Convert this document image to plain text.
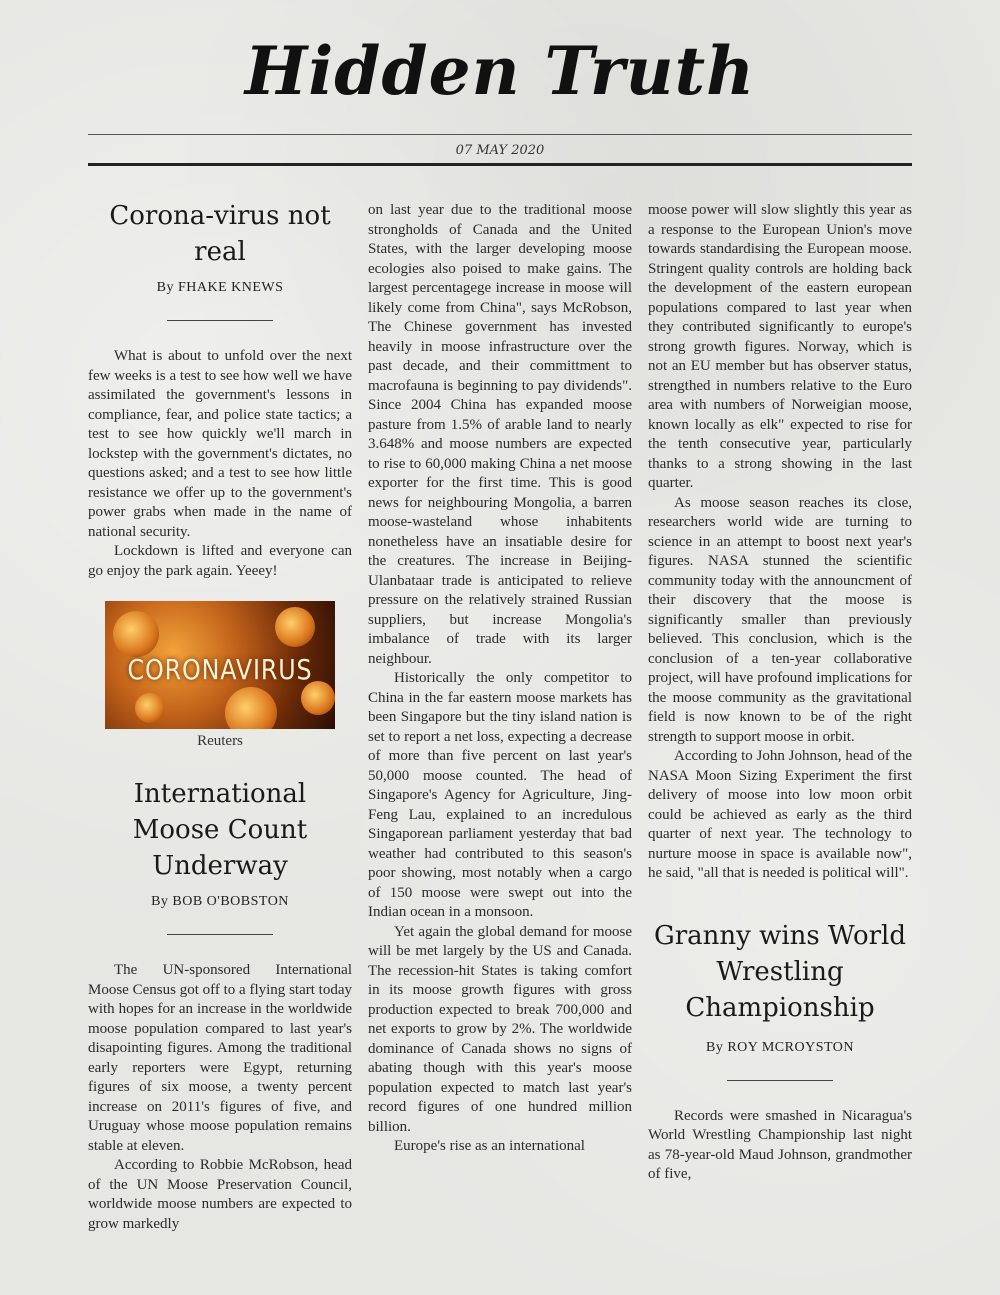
Hidden Truth
07 MAY 2020
Corona-virus not real
By FHAKE KNEWS

What is about to unfold over the next few weeks is a test to see how well we have assimilated the government's lessons in compliance, fear, and police state tactics; a test to see how quickly we'll march in lockstep with the government's dictates, no questions asked; and a test to see how little resistance we offer up to the government's power grabs when made in the name of national security.

Lockdown is lifted and everyone can go enjoy the park again. Yeeey!

CORONAVIRUS
Reuters
International Moose Count Underway
By BOB O'BOBSTON

The UN-sponsored International Moose Census got off to a flying start today with hopes for an increase in the worldwide moose population compared to last year's disapointing figures. Among the traditional early reporters were Egypt, returning figures of six moose, a twenty percent increase on 2011's figures of five, and Uruguay whose moose population remains stable at eleven.

According to Robbie McRobson, head of the UN Moose Preservation Council, worldwide moose numbers are expected to grow markedly

on last year due to the traditional moose strongholds of Canada and the United States, with the larger developing moose ecologies also poised to make gains. The largest percentagege increase in moose will likely come from China", says McRobson, The Chinese government has invested heavily in moose infrastructure over the past decade, and their committment to macrofauna is beginning to pay dividends". Since 2004 China has expanded moose pasture from 1.5% of arable land to nearly 3.648% and moose numbers are expected to rise to 60,000 making China a net moose exporter for the first time. This is good news for neighbouring Mongolia, a barren moose-wasteland whose inhabitents nonetheless have an insatiable desire for the creatures. The increase in Beijing-Ulanbataar trade is anticipated to relieve pressure on the relatively strained Russian suppliers, but increase Mongolia's imbalance of trade with its larger neighbour.

Historically the only competitor to China in the far eastern moose markets has been Singapore but the tiny island nation is set to report a net loss, expecting a decrease of more than five percent on last year's 50,000 moose counted. The head of Singapore's Agency for Agriculture, Jing-Feng Lau, explained to an incredulous Singaporean parliament yesterday that bad weather had contributed to this season's poor showing, most notably when a cargo of 150 moose were swept out into the Indian ocean in a monsoon.

Yet again the global demand for moose will be met largely by the US and Canada. The recession-hit States is taking comfort in its moose growth figures with gross production expected to break 700,000 and net exports to grow by 2%. The worldwide dominance of Canada shows no signs of abating though with this year's moose population expected to match last year's record figures of one hundred million billion.

Europe's rise as an international

moose power will slow slightly this year as a response to the European Union's move towards standardising the European moose. Stringent quality controls are holding back the development of the eastern european populations compared to last year when they contributed significantly to europe's strong growth figures. Norway, which is not an EU member but has observer status, strengthed in numbers relative to the Euro area with numbers of Norweigian moose, known locally as elk" expected to rise for the tenth consecutive year, particularly thanks to a strong showing in the last quarter.

As moose season reaches its close, researchers world wide are turning to science in an attempt to boost next year's figures. NASA stunned the scientific community today with the announcment of their discovery that the moose is significantly smaller than previously believed. This conclusion, which is the conclusion of a ten-year collaborative project, will have profound implications for the moose community as the gravitational field is now known to be of the right strength to support moose in orbit.

According to John Johnson, head of the NASA Moon Sizing Experiment the first delivery of moose into low moon orbit could be achieved as early as the third quarter of next year. The technology to nurture moose in space is available now", he said, "all that is needed is political will".

Granny wins World Wrestling Championship
By ROY MCROYSTON

Records were smashed in Nicaragua's World Wrestling Championship last night as 78-year-old Maud Johnson, grandmother of five,
